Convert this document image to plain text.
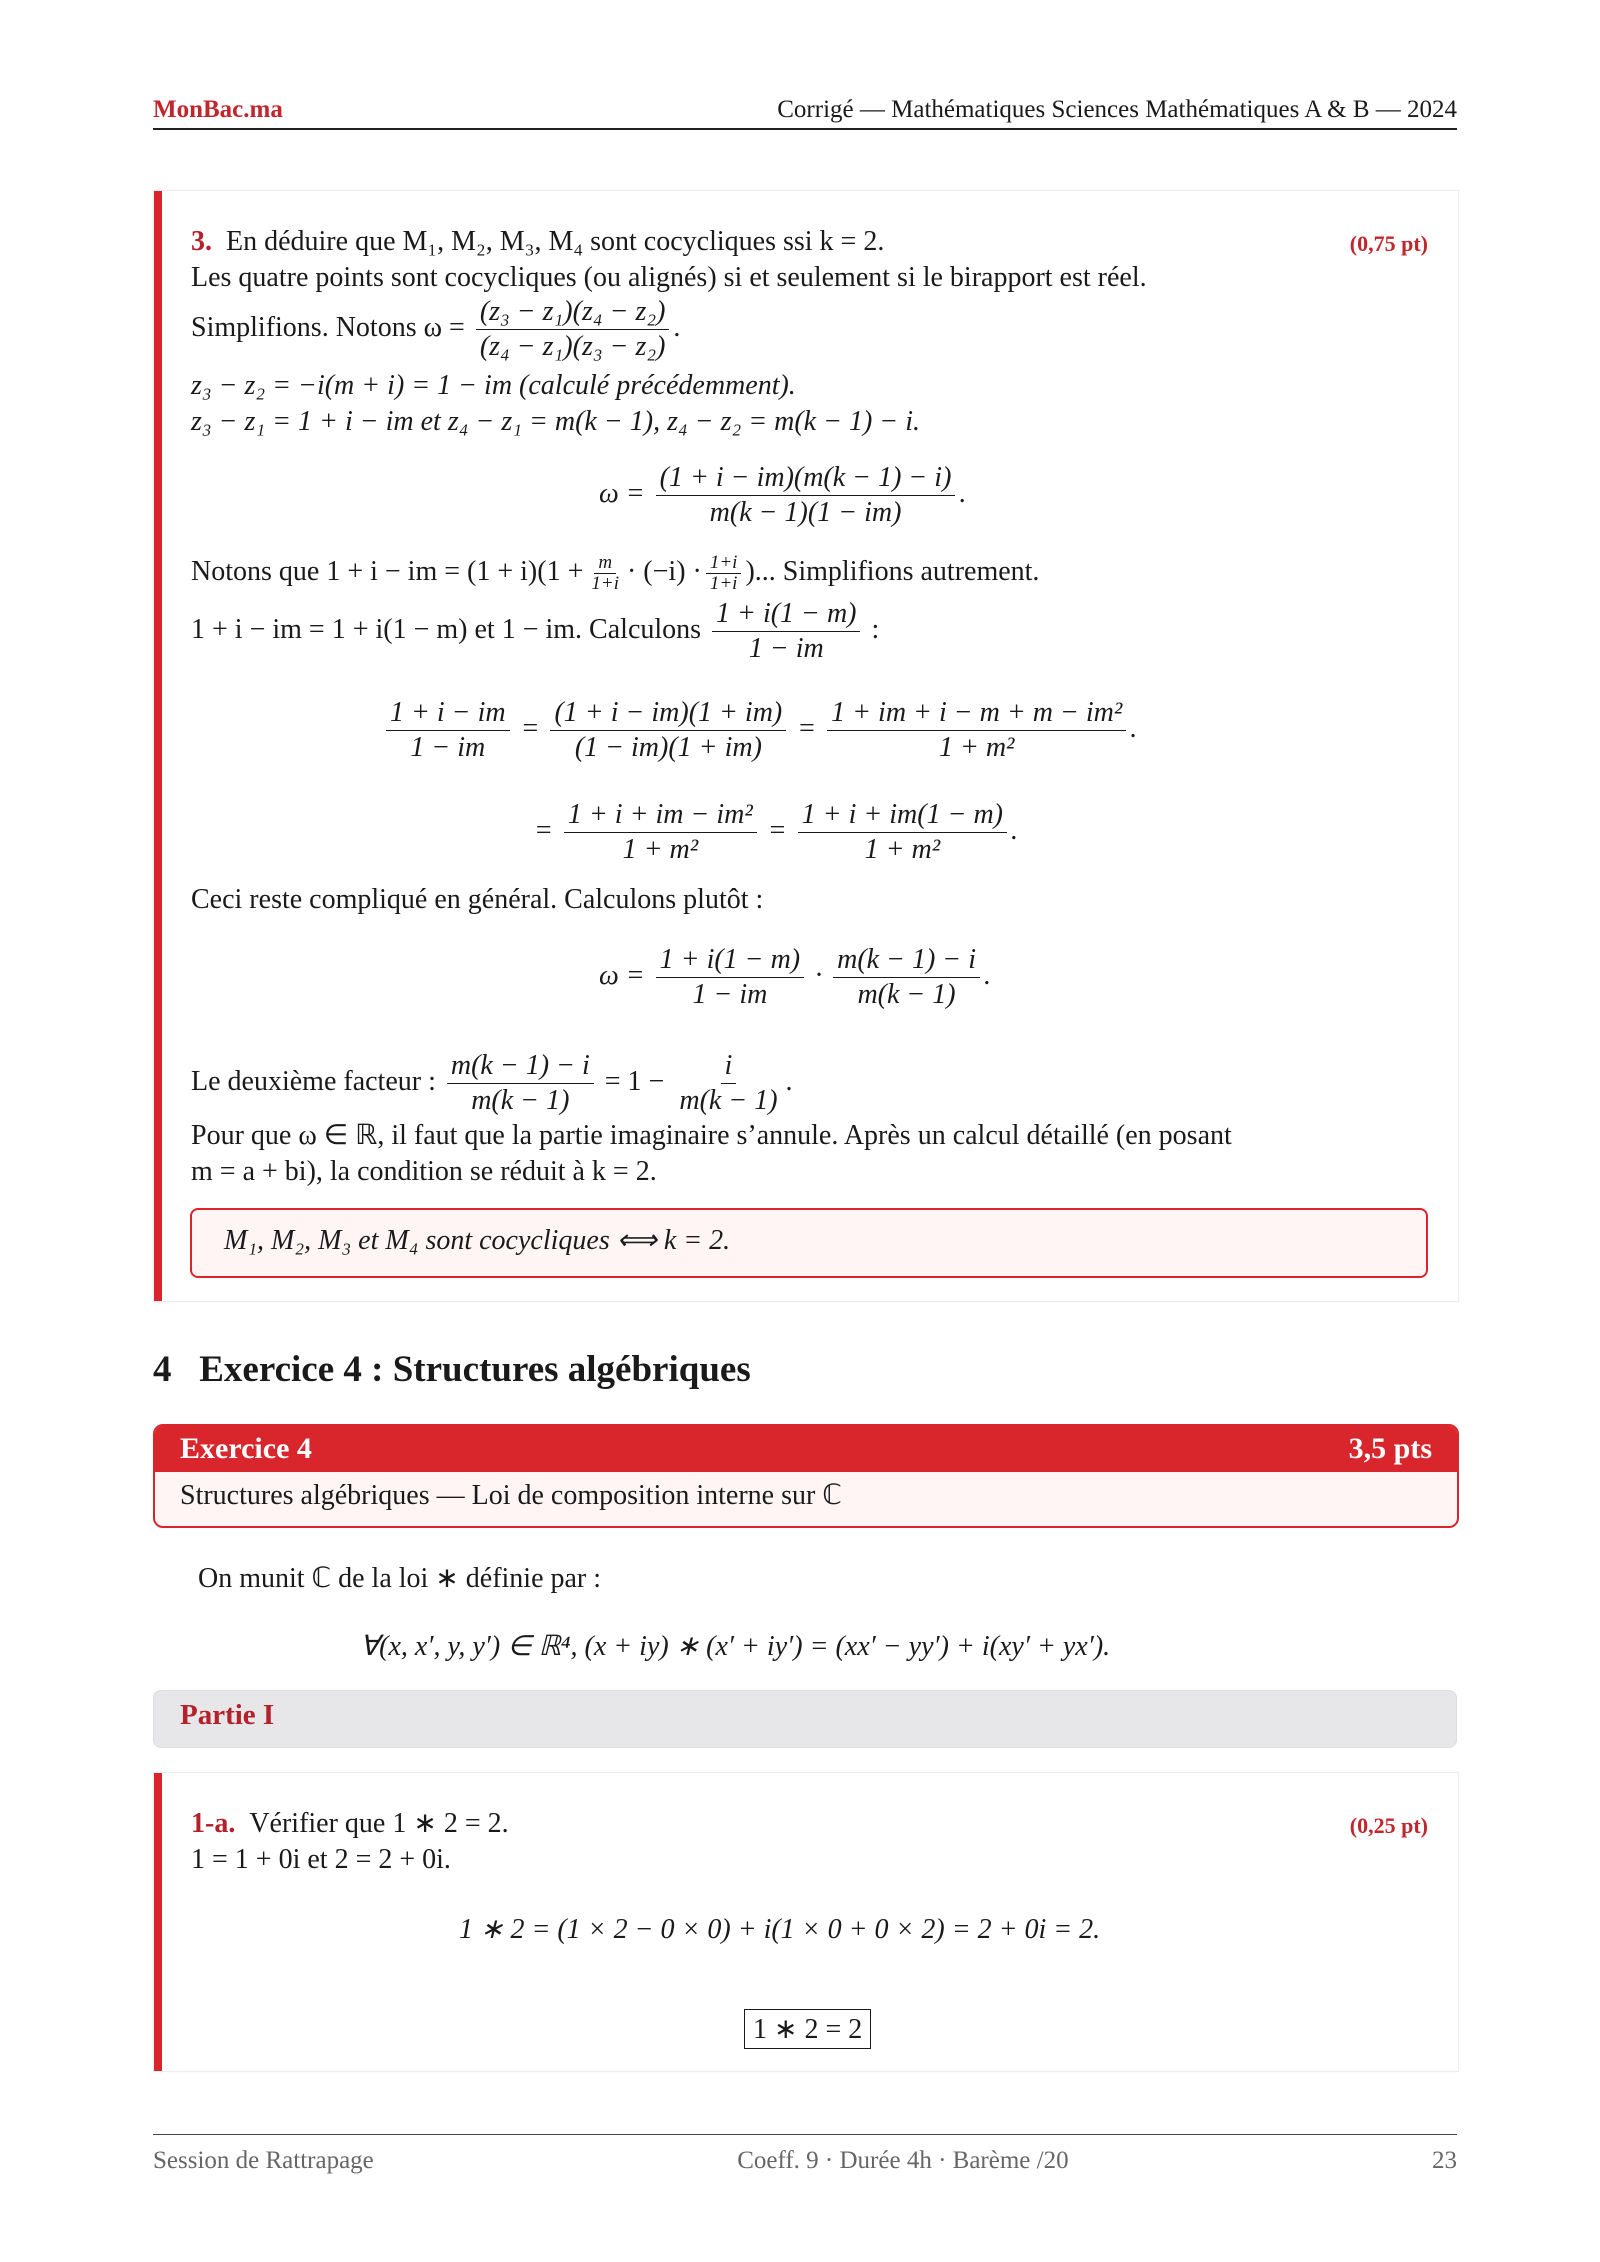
MonBac.ma	Corrigé — Mathématiques Sciences Mathématiques A & B — 2024
3. En déduire que M₁, M₂, M₃, M₄ sont cocycliques ssi k = 2.	(0,75 pt)
Les quatre points sont cocycliques (ou alignés) si et seulement si le birapport est réel.
Simplifions. Notons $\omega = \frac{\text{(z₃ − z₁)(z₄ − z₂)}}{\text{(z₄ − z₁)(z₃ − z₂)}}$ .
z₃ − z₂ = −i(m + i) = 1 − im (calculé précédemment).
z₃ − z₁ = 1 + i − im et z₄ − z₁ = m(k − 1), z₄ − z₂ = m(k − 1) − i.
$\omega = \frac{(1 + i - im)(m(k - 1) - i)}{m(k - 1)(1 - im)}$ .
Notons que 1 + i − im = $(1 + i)(1 + \frac{m}{1+i} \cdot (-i) \cdot \frac{1+i}{1+i}$ )... Simplifions autrement.
1 + i − im = 1 + i(1 − m) et 1 − im. Calculons $\frac{1 + i(1 - m)}{1 - im}$ :
$\frac{1 + i - im}{1 - im} = \frac{(1 + i - im)(1 + im)}{(1 - im)(1 + im)} = \frac{\text{1 + im + i − m + m − im²}}{\text{1 + m²}}$ .
= $\frac{\text{1 + i + im − im²}}{\text{1 + m²}} = \frac{1 + i + im(1 - m)}{\text{1 + m²}}$ .
Ceci reste compliqué en général. Calculons plutôt :
$\omega = \frac{1 + i(1 - m)}{1 - im} \cdot \frac{m(k - 1) - i}{m(k - 1)}$ .
Le deuxième facteur : $\frac{m(k - 1) - i}{m(k - 1)} = 1 - \frac{i}{m(k - 1)}$ .
Pour que ω ∈ ℝ, il faut que la partie imaginaire s’annule. Après un calcul détaillé (en posant
m = a + bi), la condition se réduit à k = 2.
M₁, M₂, M₃ et M₄ sont cocycliques ⟺ k = 2.
4 Exercice 4 : Structures algébriques
Exercice 4	3,5 pts
Structures algébriques — Loi de composition interne sur ℂ
On munit ℂ de la loi ∗ définie par :
∀(x, x′, y, y′) ∈ ℝ⁴, (x + iy) ∗ (x′ + iy′) = (xx′ − yy′) + i(xy′ + yx′).
Partie I
1-a. Vérifier que 1 ∗ 2 = 2.	(0,25 pt)
1 = 1 + 0i et 2 = 2 + 0i.
1 ∗ 2 = (1 × 2 − 0 × 0) + i(1 × 0 + 0 × 2) = 2 + 0i = 2.
1 ∗ 2 = 2
Session de Rattrapage	Coeff. 9 · Durée 4h · Barème /20	23
